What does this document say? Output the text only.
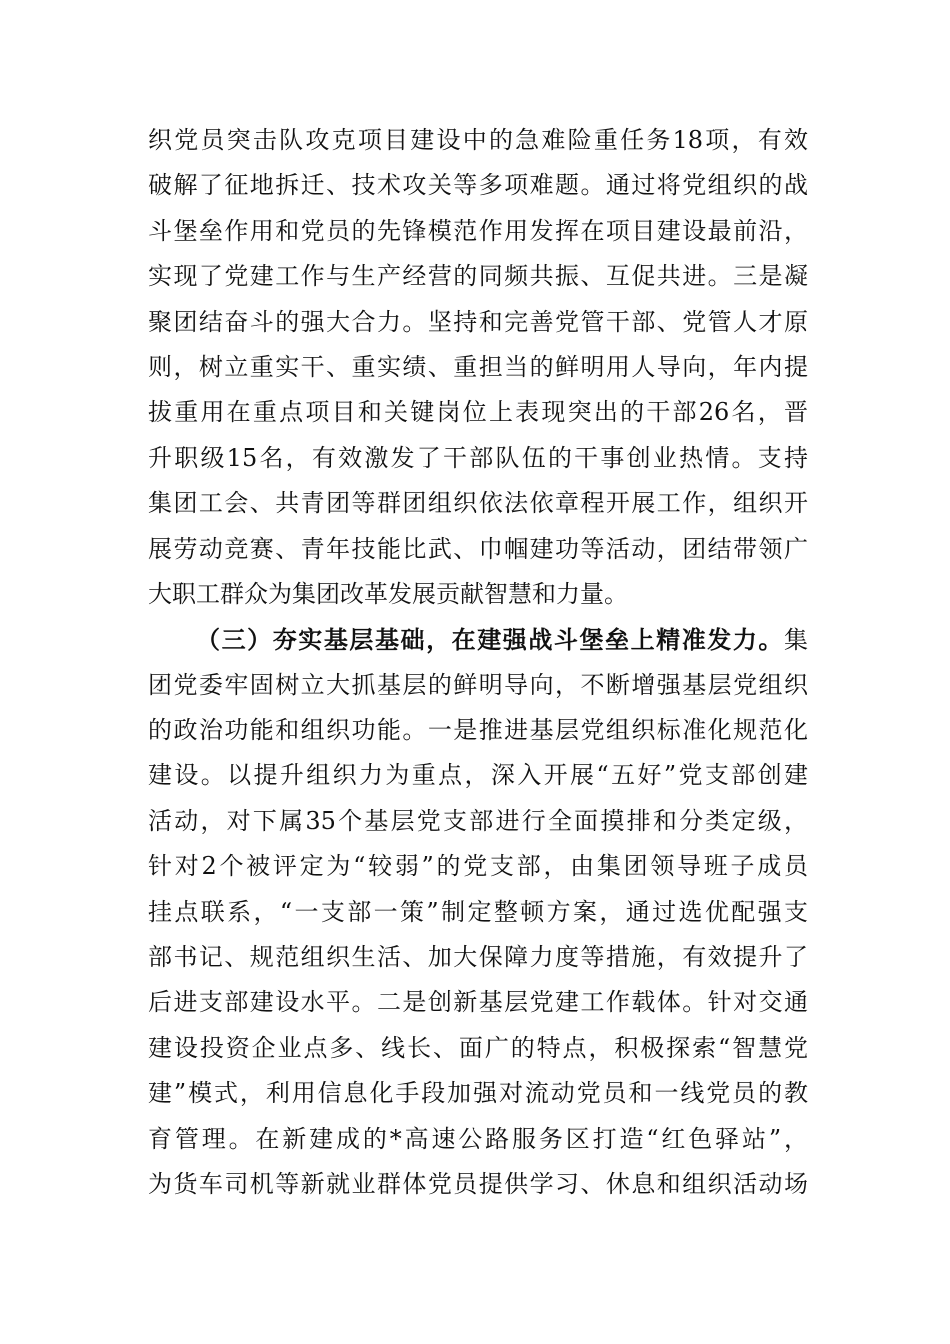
织党员突击队攻克项目建设中的急难险重任务18项，有效
破解了征地拆迁、技术攻关等多项难题。通过将党组织的战
斗堡垒作用和党员的先锋模范作用发挥在项目建设最前沿，
实现了党建工作与生产经营的同频共振、互促共进。三是凝
聚团结奋斗的强大合力。坚持和完善党管干部、党管人才原
则，树立重实干、重实绩、重担当的鲜明用人导向，年内提
拔重用在重点项目和关键岗位上表现突出的干部26名，晋
升职级15名，有效激发了干部队伍的干事创业热情。支持
集团工会、共青团等群团组织依法依章程开展工作，组织开
展劳动竞赛、青年技能比武、巾帼建功等活动，团结带领广
大职工群众为集团改革发展贡献智慧和力量。
（三）夯实基层基础，在建强战斗堡垒上精准发力。集
团党委牢固树立大抓基层的鲜明导向，不断增强基层党组织
的政治功能和组织功能。一是推进基层党组织标准化规范化
建设。以提升组织力为重点，深入开展“五好”党支部创建
活动，对下属35个基层党支部进行全面摸排和分类定级，
针对2个被评定为“较弱”的党支部，由集团领导班子成员
挂点联系，“一支部一策”制定整顿方案，通过选优配强支
部书记、规范组织生活、加大保障力度等措施，有效提升了
后进支部建设水平。二是创新基层党建工作载体。针对交通
建设投资企业点多、线长、面广的特点，积极探索“智慧党
建”模式，利用信息化手段加强对流动党员和一线党员的教
育管理。在新建成的*高速公路服务区打造“红色驿站”，
为货车司机等新就业群体党员提供学习、休息和组织活动场
